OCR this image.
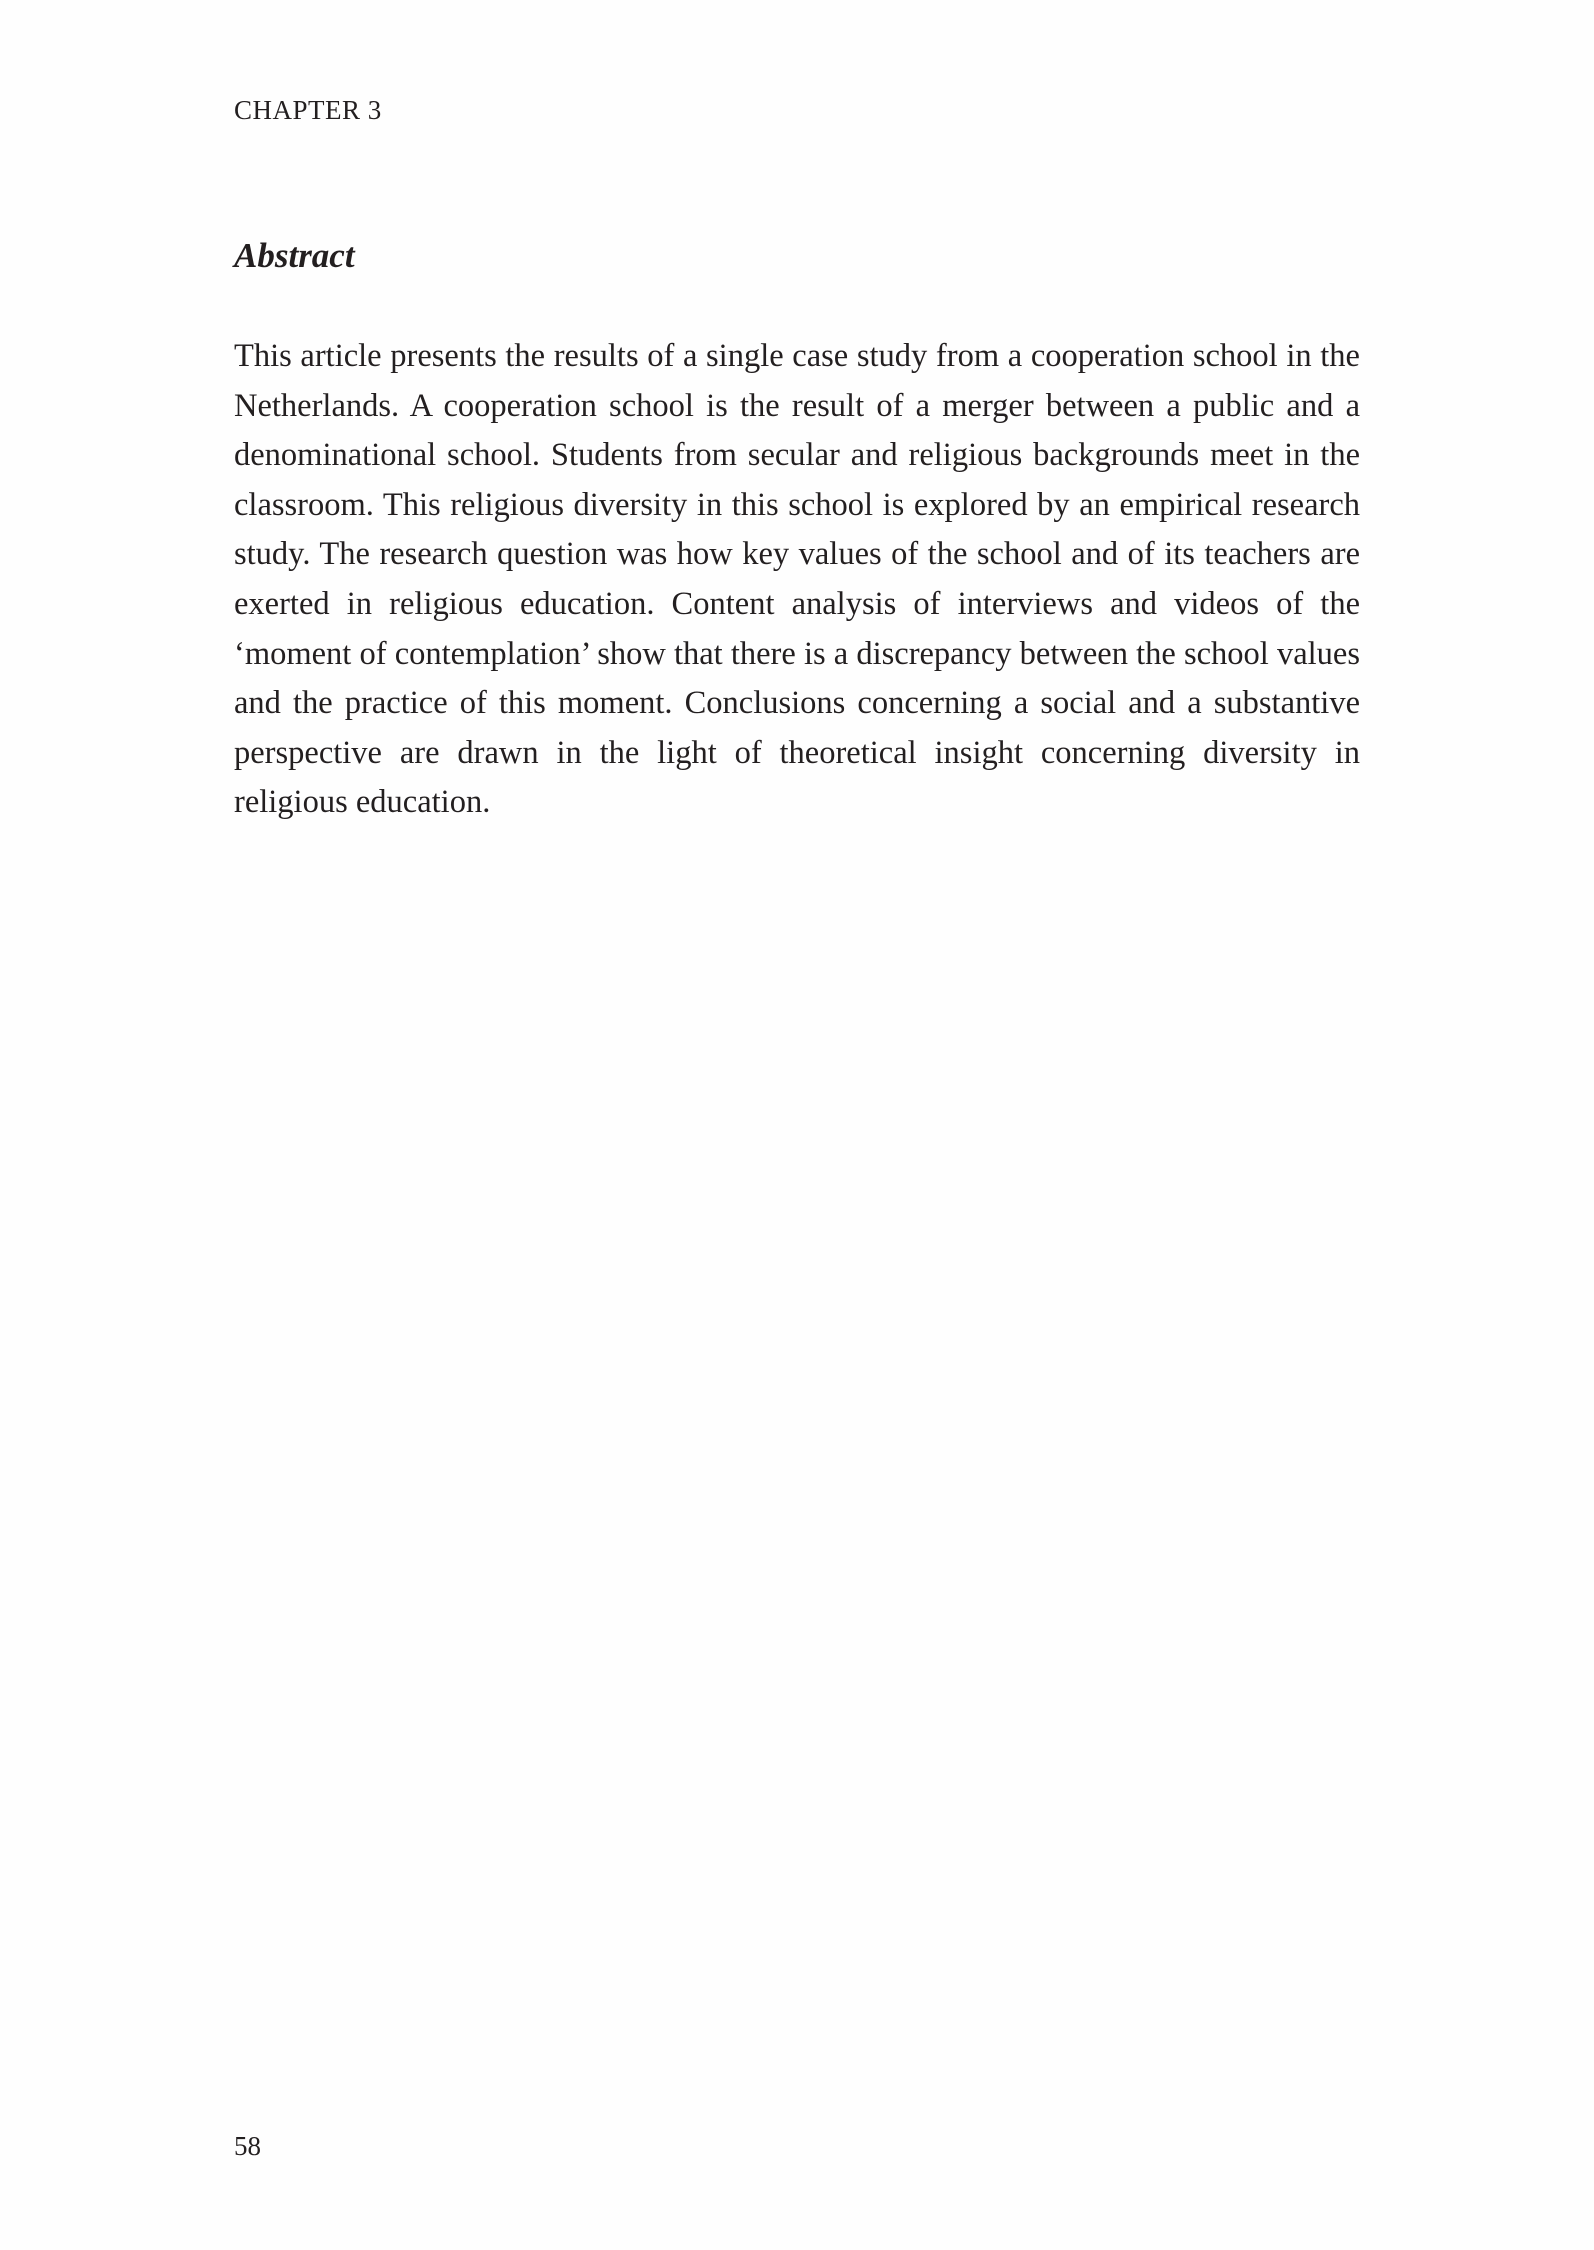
CHAPTER 3
Abstract

This article presents the results of a single case study from a cooperation school in the Netherlands. A cooperation school is the result of a merger between a public and a denominational school. Students from secular and religious backgrounds meet in the classroom. This religious diversity in this school is explored by an empirical research study. The research question was how key values of the school and of its teachers are exerted in religious education. Content analysis of interviews and videos of the ‘moment of contemplation’ show that there is a discrepancy between the school values and the practice of this moment. Conclusions concerning a social and a substantive perspective are drawn in the light of theoretical insight concerning diversity in religious education.

58
